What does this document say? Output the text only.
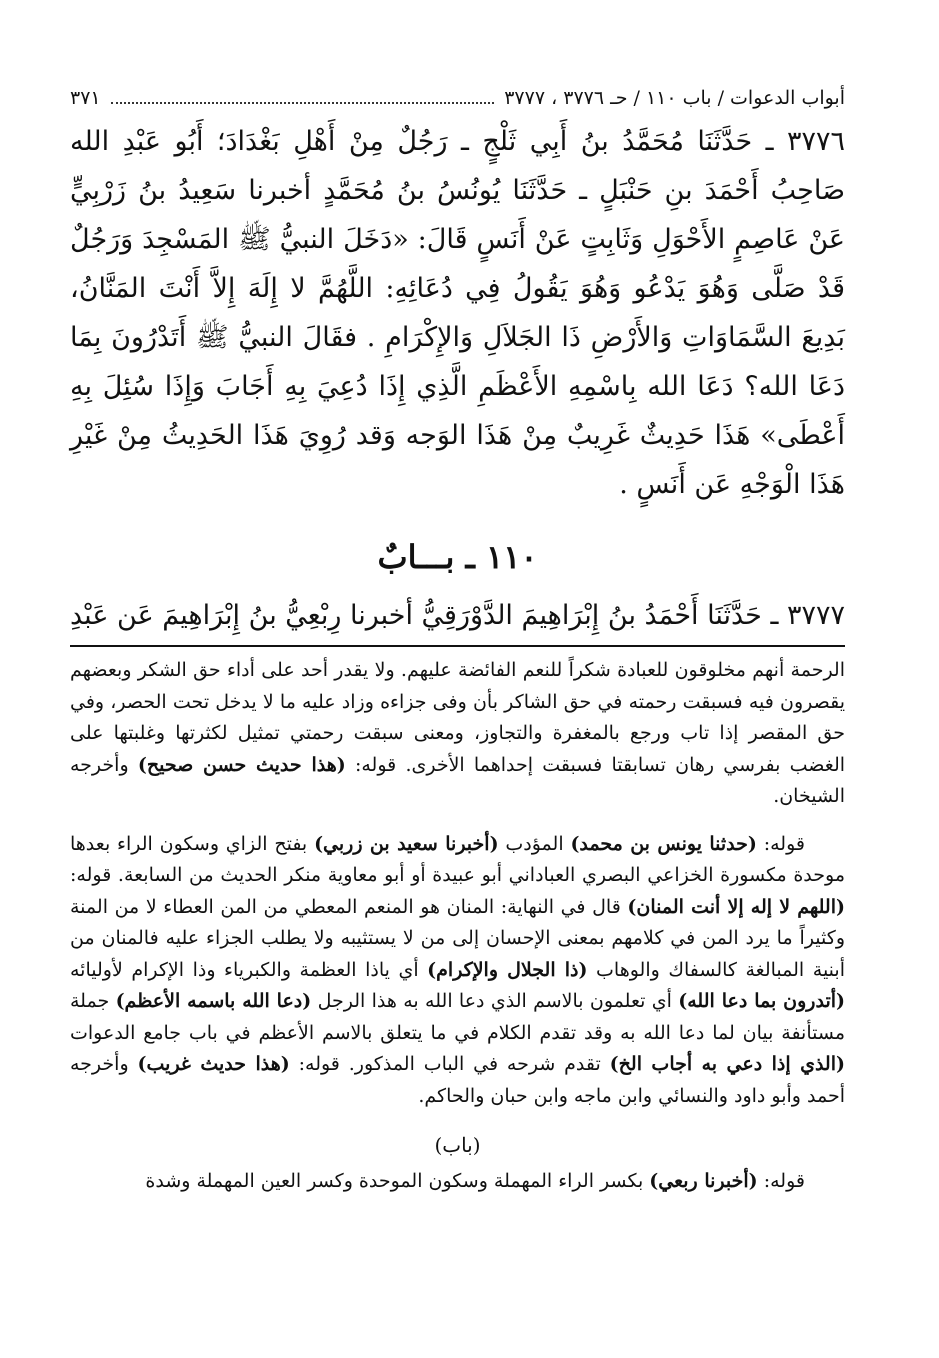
أبواب الدعوات / باب ١١٠ / حـ ٣٧٧٦ ، ٣٧٧٧
٣٧١

٣٧٧٦ ـ حَدَّثَنَا مُحَمَّدُ بنُ أَبِي ثَلْجٍ ـ رَجُلٌ مِنْ أَهْلِ بَغْدَادَ؛ أَبُو عَبْدِ الله صَاحِبُ أَحْمَدَ بنِ حَنْبَلٍ ـ حَدَّثَنَا يُونُسُ بنُ مُحَمَّدٍ أخبرنا سَعِيدُ بنُ زَرْبِيٍّ عَنْ عَاصِمٍ الأَحْوَلِ وَثَابِتٍ عَنْ أَنَسٍ قَالَ: «دَخَلَ النبيُّ ﷺ المَسْجِدَ وَرَجُلٌ قَدْ صَلَّى وَهُوَ يَدْعُو وَهُوَ يَقُولُ فِي دُعَائِهِ: اللَّهُمَّ لا إِلَهَ إِلاَّ أَنْتَ المَنَّانُ، بَدِيعَ السَّمَاوَاتِ وَالأَرْضِ ذَا الجَلاَلِ وَالإِكْرَامِ . فقَالَ النبيُّ ﷺ أَتَدْرُونَ بِمَا دَعَا الله؟ دَعَا الله بِاسْمِهِ الأَعْظَمِ الَّذِي إِذَا دُعِيَ بِهِ أَجَابَ وَإِذَا سُئِلَ بِهِ أَعْطَى» هَذَا حَدِيثٌ غَرِيبٌ مِنْ هَذَا الوَجه وَقد رُوِيَ هَذَا الحَدِيثُ مِنْ غَيْرِ هَذَا الْوَجْهِ عَن أَنَسٍ .

١١٠ ـ بـــابٌ

٣٧٧٧ ـ حَدَّثَنَا أَحْمَدُ بنُ إِبْرَاهِيمَ الدَّوْرَقِيُّ أخبرنا رِبْعِيُّ بنُ إِبْرَاهِيمَ عَن عَبْدِ

الرحمة أنهم مخلوقون للعبادة شكراً للنعم الفائضة عليهم. ولا يقدر أحد على أداء حق الشكر وبعضهم يقصرون فيه فسبقت رحمته في حق الشاكر بأن وفى جزاءه وزاد عليه ما لا يدخل تحت الحصر، وفي حق المقصر إذا تاب ورجع بالمغفرة والتجاوز، ومعنى سبقت رحمتي تمثيل لكثرتها وغلبتها على الغضب بفرسي رهان تسابقتا فسبقت إحداهما الأخرى. قوله: (هذا حديث حسن صحيح) وأخرجه الشيخان.

قوله: (حدثنا يونس بن محمد) المؤدب (أخبرنا سعيد بن زربي) بفتح الزاي وسكون الراء بعدها موحدة مكسورة الخزاعي البصري العباداني أبو عبيدة أو أبو معاوية منكر الحديث من السابعة. قوله: (اللهم لا إله إلا أنت المنان) قال في النهاية: المنان هو المنعم المعطي من المن العطاء لا من المنة وكثيراً ما يرد المن في كلامهم بمعنى الإحسان إلى من لا يستثيبه ولا يطلب الجزاء عليه فالمنان من أبنية المبالغة كالسفاك والوهاب (ذا الجلال والإكرام) أي ياذا العظمة والكبرياء وذا الإكرام لأوليائه (أتدرون بما دعا الله) أي تعلمون بالاسم الذي دعا الله به هذا الرجل (دعا الله باسمه الأعظم) جملة مستأنفة بيان لما دعا الله به وقد تقدم الكلام في ما يتعلق بالاسم الأعظم في باب جامع الدعوات (الذي إذا دعي به أجاب الخ) تقدم شرحه في الباب المذكور. قوله: (هذا حديث غريب) وأخرجه أحمد وأبو داود والنسائي وابن ماجه وابن حبان والحاكم.

(باب)

قوله: (أخبرنا ربعي) بكسر الراء المهملة وسكون الموحدة وكسر العين المهملة وشدة
